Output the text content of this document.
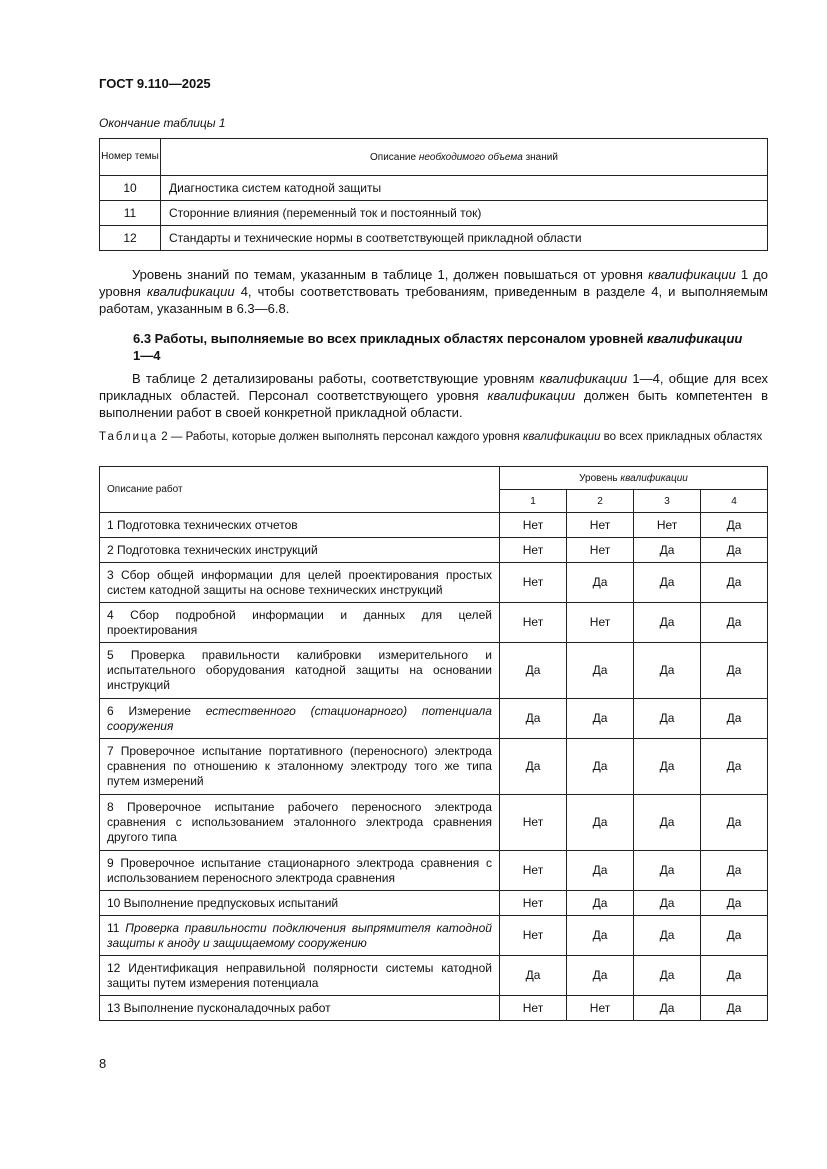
ГОСТ 9.110—2025
Окончание таблицы 1
Номер темы	Описание необходимого объема знаний
10	Диагностика систем катодной защиты
11	Сторонние влияния (переменный ток и постоянный ток)
12	Стандарты и технические нормы в соответствующей прикладной области
Уровень знаний по темам, указанным в таблице 1, должен повышаться от уровня квалификации 1 до уровня квалификации 4, чтобы соответствовать требованиям, приведенным в разделе 4, и выполняемым работам, указанным в 6.3—6.8.
6.3 Работы, выполняемые во всех прикладных областях персоналом уровней квалификации 1—4
В таблице 2 детализированы работы, соответствующие уровням квалификации 1—4, общие для всех прикладных областей. Персонал соответствующего уровня квалификации должен быть компетентен в выполнении работ в своей конкретной прикладной области.
Таблица 2 — Работы, которые должен выполнять персонал каждого уровня квалификации во всех прикладных областях
Описание работ	Уровень квалификации			
	1	2	3	4
1 Подготовка технических отчетов	Нет	Нет	Нет	Да
2 Подготовка технических инструкций	Нет	Нет	Да	Да
3 Сбор общей информации для целей проектирования простых систем катодной защиты на основе технических инструкций	Нет	Да	Да	Да
4 Сбор подробной информации и данных для целей проектирования	Нет	Нет	Да	Да
5 Проверка правильности калибровки измерительного и испытательного оборудования катодной защиты на основании инструкций	Да	Да	Да	Да
6 Измерение естественного (стационарного) потенциала сооружения	Да	Да	Да	Да
7 Проверочное испытание портативного (переносного) электрода сравнения по отношению к эталонному электроду того же типа путем измерений	Да	Да	Да	Да
8 Проверочное испытание рабочего переносного электрода сравнения с использованием эталонного электрода сравнения другого типа	Нет	Да	Да	Да
9 Проверочное испытание стационарного электрода сравнения с использованием переносного электрода сравнения	Нет	Да	Да	Да
10 Выполнение предпусковых испытаний	Нет	Да	Да	Да
11 Проверка правильности подключения выпрямителя катодной защиты к аноду и защищаемому сооружению	Нет	Да	Да	Да
12 Идентификация неправильной полярности системы катодной защиты путем измерения потенциала	Да	Да	Да	Да
13 Выполнение пусконаладочных работ	Нет	Нет	Да	Да
8
